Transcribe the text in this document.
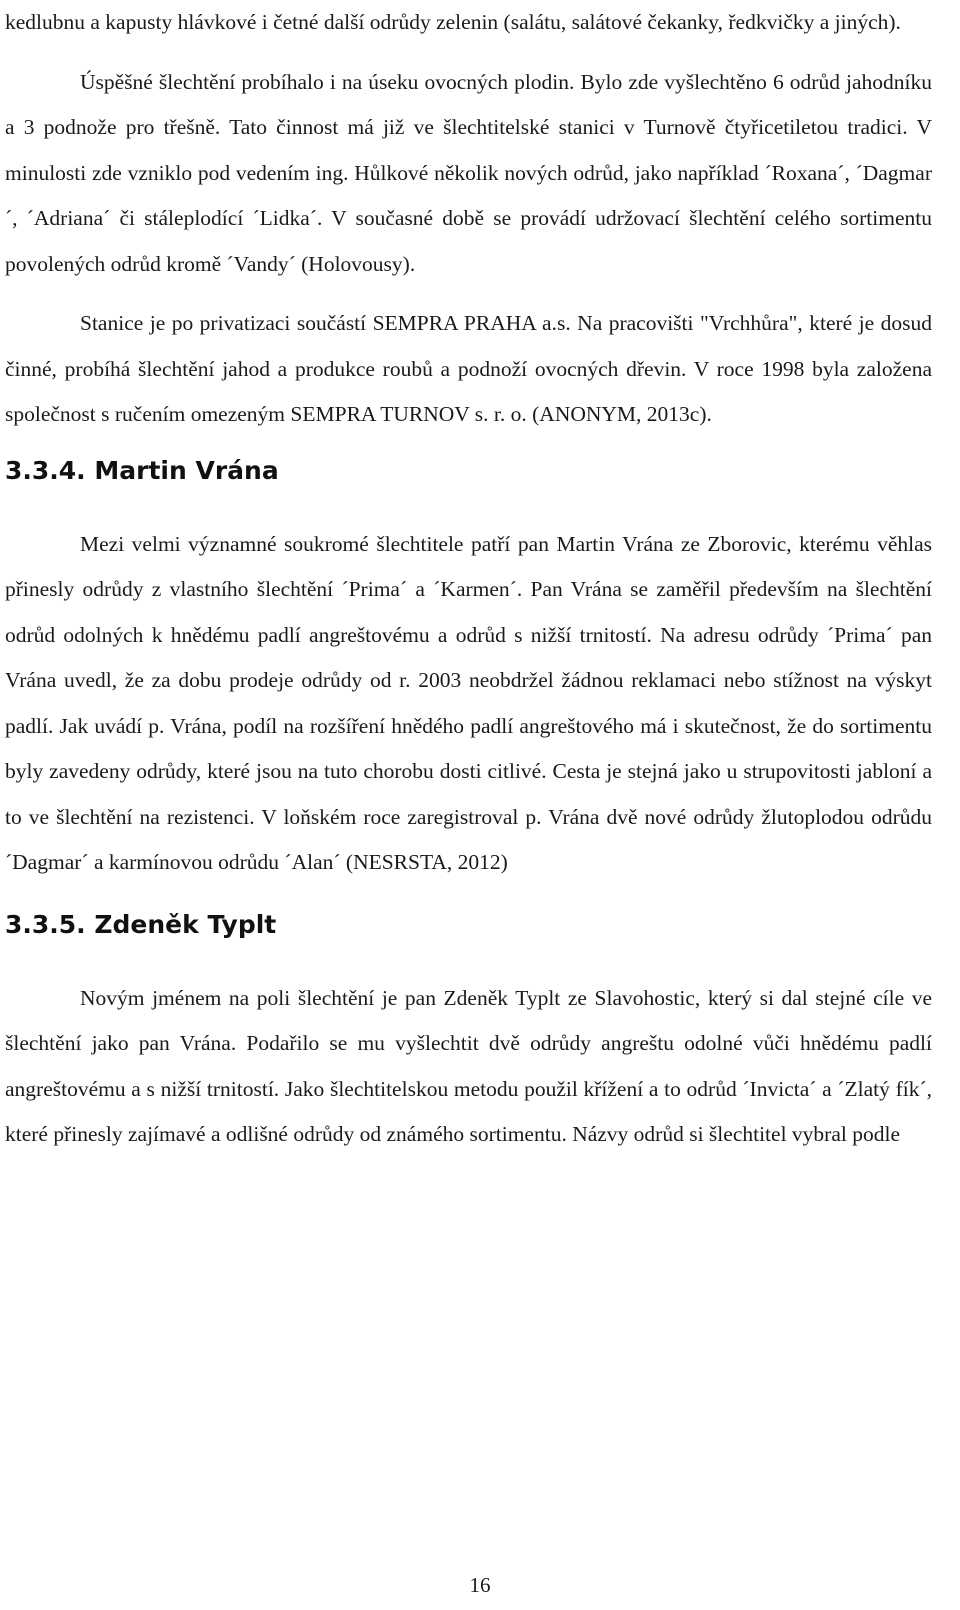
kedlubnu a kapusty hlávkové i četné další odrůdy zelenin (salátu, salátové čekanky, ředkvičky a jiných).

Úspěšné šlechtění probíhalo i na úseku ovocných plodin. Bylo zde vyšlechtěno 6 odrůd jahodníku a 3 podnože pro třešně. Tato činnost má již ve šlechtitelské stanici v Turnově čtyřicetiletou tradici. V minulosti zde vzniklo pod vedením ing. Hůlkové několik nových odrůd, jako například ´Roxana´, ´Dagmar´, ´Adriana´ či stáleplodící ´Lidka´. V současné době se provádí udržovací šlechtění celého sortimentu povolených odrůd kromě ´Vandy´ (Holovousy).

Stanice je po privatizaci součástí SEMPRA PRAHA a.s. Na pracovišti "Vrchhůra", které je dosud činné, probíhá šlechtění jahod a produkce roubů a podnoží ovocných dřevin. V roce 1998 byla založena společnost s ručením omezeným SEMPRA TURNOV s. r. o. (ANONYM, 2013c).

3.3.4. Martin Vrána

Mezi velmi významné soukromé šlechtitele patří pan Martin Vrána ze Zborovic, kterému věhlas přinesly odrůdy z vlastního šlechtění ´Prima´ a ´Karmen´. Pan Vrána se zaměřil především na šlechtění odrůd odolných k hnědému padlí angreštovému a odrůd s nižší trnitostí. Na adresu odrůdy ´Prima´ pan Vrána uvedl, že za dobu prodeje odrůdy od r. 2003 neobdržel žádnou reklamaci nebo stížnost na výskyt padlí. Jak uvádí p. Vrána, podíl na rozšíření hnědého padlí angreštového má i skutečnost, že do sortimentu byly zavedeny odrůdy, které jsou na tuto chorobu dosti citlivé. Cesta je stejná jako u strupovitosti jabloní a to ve šlechtění na rezistenci. V loňském roce zaregistroval p. Vrána dvě nové odrůdy žlutoplodou odrůdu ´Dagmar´ a karmínovou odrůdu ´Alan´ (NESRSTA, 2012)

3.3.5. Zdeněk Typlt

Novým jménem na poli šlechtění je pan Zdeněk Typlt ze Slavohostic, který si dal stejné cíle ve šlechtění jako pan Vrána. Podařilo se mu vyšlechtit dvě odrůdy angreštu odolné vůči hnědému padlí angreštovému a s nižší trnitostí. Jako šlechtitelskou metodu použil křížení a to odrůd ´Invicta´ a ´Zlatý fík´, které přinesly zajímavé a odlišné odrůdy od známého sortimentu. Názvy odrůd si šlechtitel vybral podle

16
